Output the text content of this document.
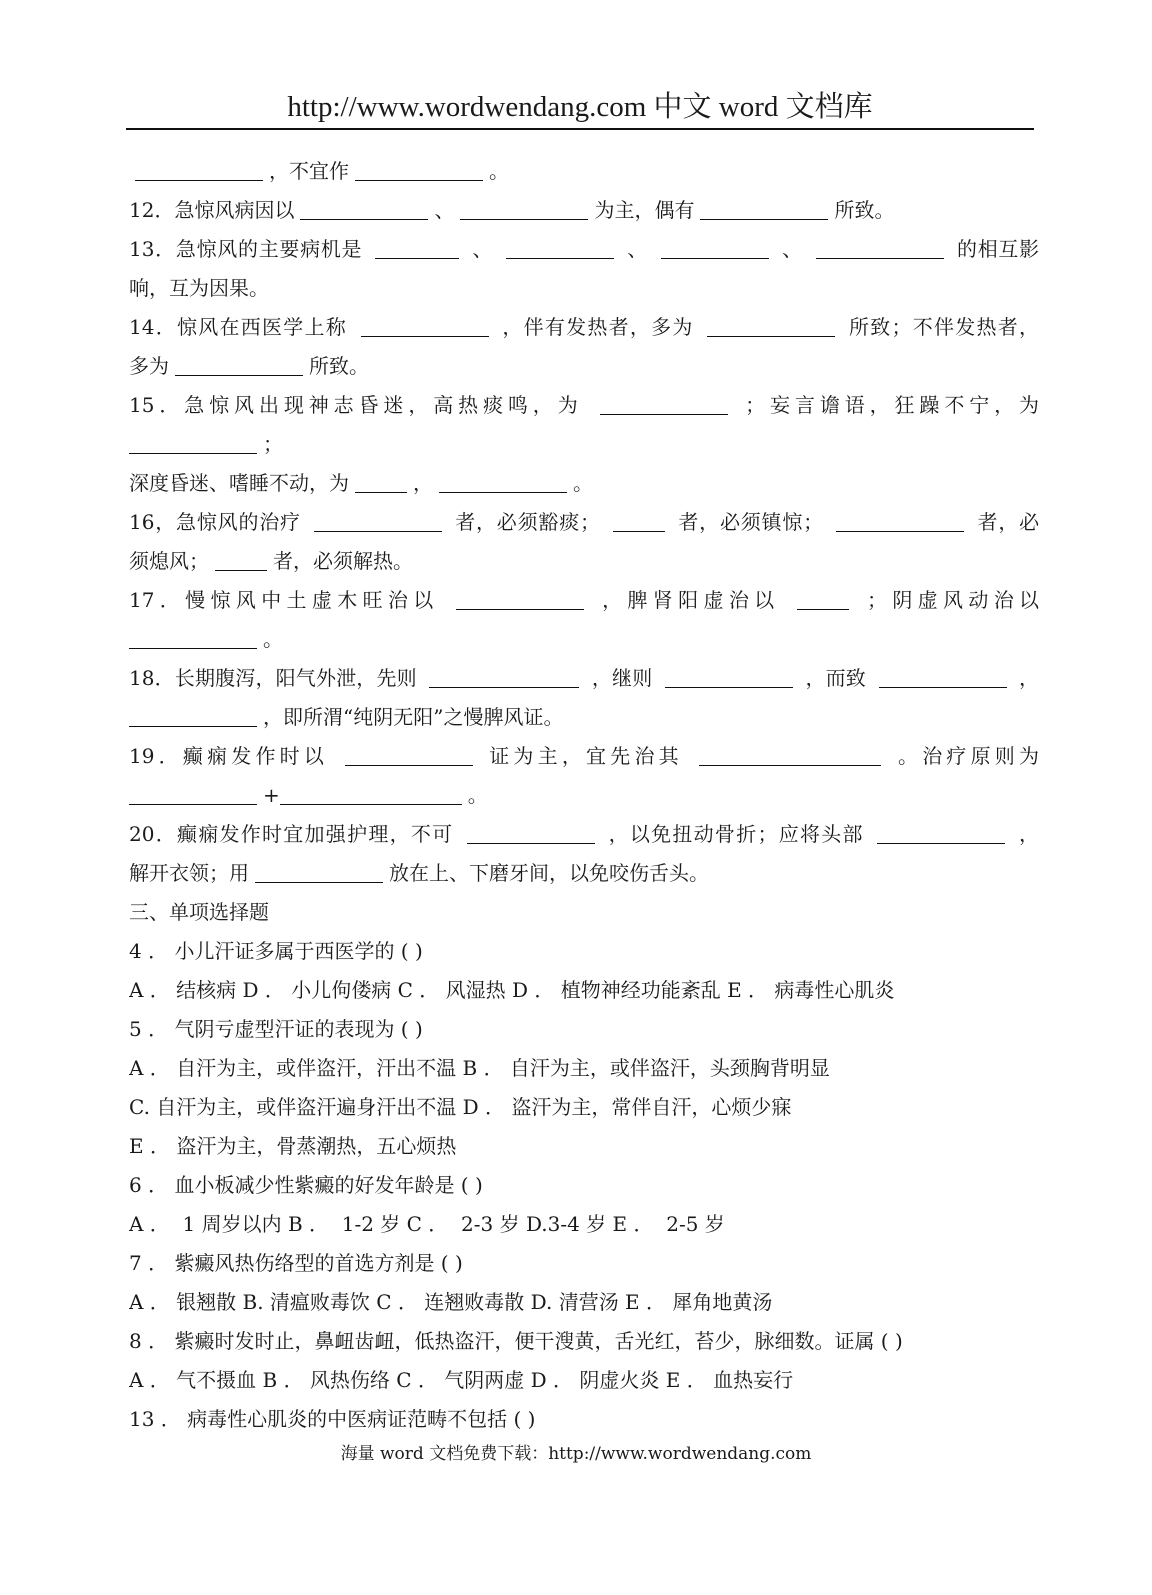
http://www.wordwendang.com 中文 word 文档库
，不宜作	。
12．急惊风病因以	、	为主，偶有	所致。
13．急惊风的主要病机是	、	、	、	的相互影
响，互为因果。
14．惊风在西医学上称	，伴有发热者，多为	所致；不伴发热者，
多为	所致。
15．急惊风出现神志昏迷，高热痰鸣，为	；妄言谵语，狂躁不宁，为
；
深度昏迷、嗜睡不动，为	，	。
16，急惊风的治疗	者，必须豁痰；	者，必须镇惊；	者，必
须熄风；	者，必须解热。
17．慢惊风中土虚木旺治以	，脾肾阳虚治以	；阴虚风动治以
。
18．长期腹泻，阳气外泄，先则	，继则	，而致	，
，即所渭“纯阴无阳”之慢脾风证。
19．癫痫发作时以	证为主，宜先治其	。治疗原则为
+	。
20．癫痫发作时宜加强护理，不可	，以免扭动骨折；应将头部	，
解开衣领；用	放在上、下磨牙间，以免咬伤舌头。
三、单项选择题
4 ． 小儿汗证多属于西医学的 ( )
A ． 结核病 D ． 小儿佝偻病 C ． 风湿热 D ． 植物神经功能紊乱 E ． 病毒性心肌炎
5 ． 气阴亏虚型汗证的表现为 ( )
A ． 自汗为主，或伴盗汗，汗出不温 B ． 自汗为主，或伴盗汗，头颈胸背明显
C. 自汗为主，或伴盗汗遍身汗出不温 D ． 盗汗为主，常伴自汗，心烦少寐
E ． 盗汗为主，骨蒸潮热，五心烦热
6 ． 血小板减少性紫癜的好发年龄是 ( )
A ．  1 周岁以内 B ．  1-2 岁 C ．  2-3 岁 D.3-4 岁 E ．  2-5 岁
7 ． 紫癜风热伤络型的首选方剂是 ( )
A ． 银翘散 B. 清瘟败毒饮 C ． 连翘败毒散 D. 清营汤 E ． 犀角地黄汤
8 ． 紫癜时发时止，鼻衄齿衄，低热盗汗，便干溲黄，舌光红，苔少，脉细数。证属 ( )
A ． 气不摄血 B ． 风热伤络 C ． 气阴两虚 D ． 阴虚火炎 E ． 血热妄行
13 ． 病毒性心肌炎的中医病证范畴不包括 ( )
海量 word 文档免费下载：http://www.wordwendang.com
